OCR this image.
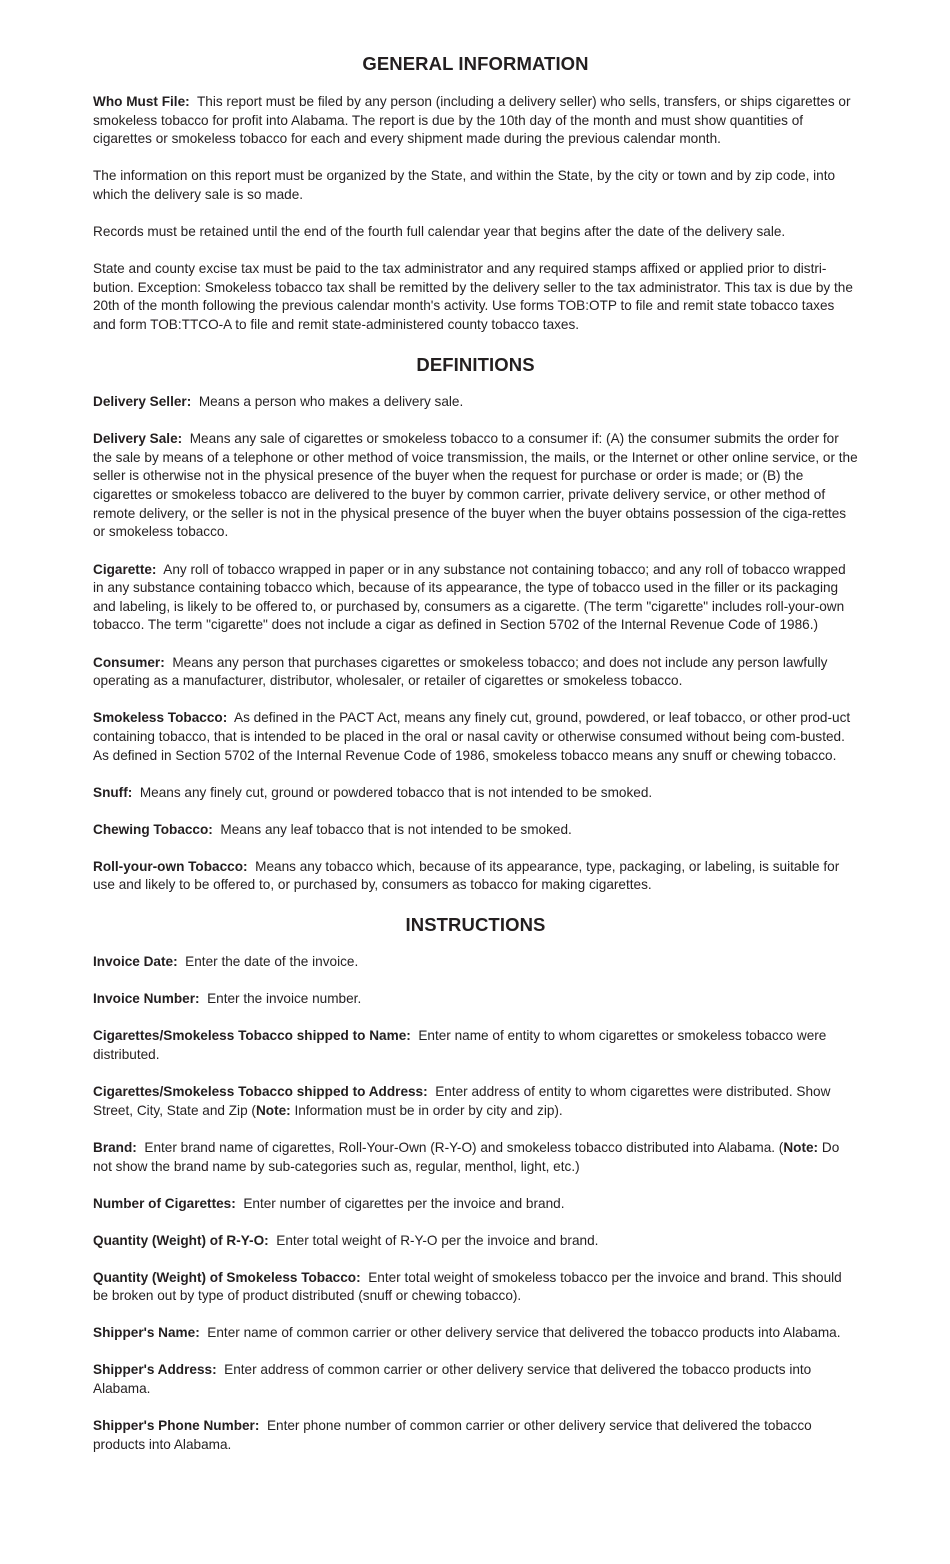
GENERAL INFORMATION

Who Must File: This report must be filed by any person (including a delivery seller) who sells, transfers, or ships cigarettes or smokeless tobacco for profit into Alabama. The report is due by the 10th day of the month and must show quantities of cigarettes or smokeless tobacco for each and every shipment made during the previous calendar month.

The information on this report must be organized by the State, and within the State, by the city or town and by zip code, into which the delivery sale is so made.

Records must be retained until the end of the fourth full calendar year that begins after the date of the delivery sale.

State and county excise tax must be paid to the tax administrator and any required stamps affixed or applied prior to distri-bution. Exception: Smokeless tobacco tax shall be remitted by the delivery seller to the tax administrator. This tax is due by the 20th of the month following the previous calendar month's activity. Use forms TOB:OTP to file and remit state tobacco taxes and form TOB:TTCO-A to file and remit state-administered county tobacco taxes.

DEFINITIONS

Delivery Seller: Means a person who makes a delivery sale.

Delivery Sale: Means any sale of cigarettes or smokeless tobacco to a consumer if: (A) the consumer submits the order for the sale by means of a telephone or other method of voice transmission, the mails, or the Internet or other online service, or the seller is otherwise not in the physical presence of the buyer when the request for purchase or order is made; or (B) the cigarettes or smokeless tobacco are delivered to the buyer by common carrier, private delivery service, or other method of remote delivery, or the seller is not in the physical presence of the buyer when the buyer obtains possession of the ciga-rettes or smokeless tobacco.

Cigarette: Any roll of tobacco wrapped in paper or in any substance not containing tobacco; and any roll of tobacco wrapped in any substance containing tobacco which, because of its appearance, the type of tobacco used in the filler or its packaging and labeling, is likely to be offered to, or purchased by, consumers as a cigarette. (The term "cigarette" includes roll-your-own tobacco. The term "cigarette" does not include a cigar as defined in Section 5702 of the Internal Revenue Code of 1986.)

Consumer: Means any person that purchases cigarettes or smokeless tobacco; and does not include any person lawfully operating as a manufacturer, distributor, wholesaler, or retailer of cigarettes or smokeless tobacco.

Smokeless Tobacco: As defined in the PACT Act, means any finely cut, ground, powdered, or leaf tobacco, or other prod-uct containing tobacco, that is intended to be placed in the oral or nasal cavity or otherwise consumed without being com-busted. As defined in Section 5702 of the Internal Revenue Code of 1986, smokeless tobacco means any snuff or chewing tobacco.

Snuff: Means any finely cut, ground or powdered tobacco that is not intended to be smoked.

Chewing Tobacco: Means any leaf tobacco that is not intended to be smoked.

Roll-your-own Tobacco: Means any tobacco which, because of its appearance, type, packaging, or labeling, is suitable for use and likely to be offered to, or purchased by, consumers as tobacco for making cigarettes.

INSTRUCTIONS

Invoice Date: Enter the date of the invoice.

Invoice Number: Enter the invoice number.

Cigarettes/Smokeless Tobacco shipped to Name: Enter name of entity to whom cigarettes or smokeless tobacco were distributed.

Cigarettes/Smokeless Tobacco shipped to Address: Enter address of entity to whom cigarettes were distributed. Show Street, City, State and Zip (Note: Information must be in order by city and zip).

Brand: Enter brand name of cigarettes, Roll-Your-Own (R-Y-O) and smokeless tobacco distributed into Alabama. (Note: Do not show the brand name by sub-categories such as, regular, menthol, light, etc.)

Number of Cigarettes: Enter number of cigarettes per the invoice and brand.

Quantity (Weight) of R-Y-O: Enter total weight of R-Y-O per the invoice and brand.

Quantity (Weight) of Smokeless Tobacco: Enter total weight of smokeless tobacco per the invoice and brand. This should be broken out by type of product distributed (snuff or chewing tobacco).

Shipper's Name: Enter name of common carrier or other delivery service that delivered the tobacco products into Alabama.

Shipper's Address: Enter address of common carrier or other delivery service that delivered the tobacco products into Alabama.

Shipper's Phone Number: Enter phone number of common carrier or other delivery service that delivered the tobacco products into Alabama.
